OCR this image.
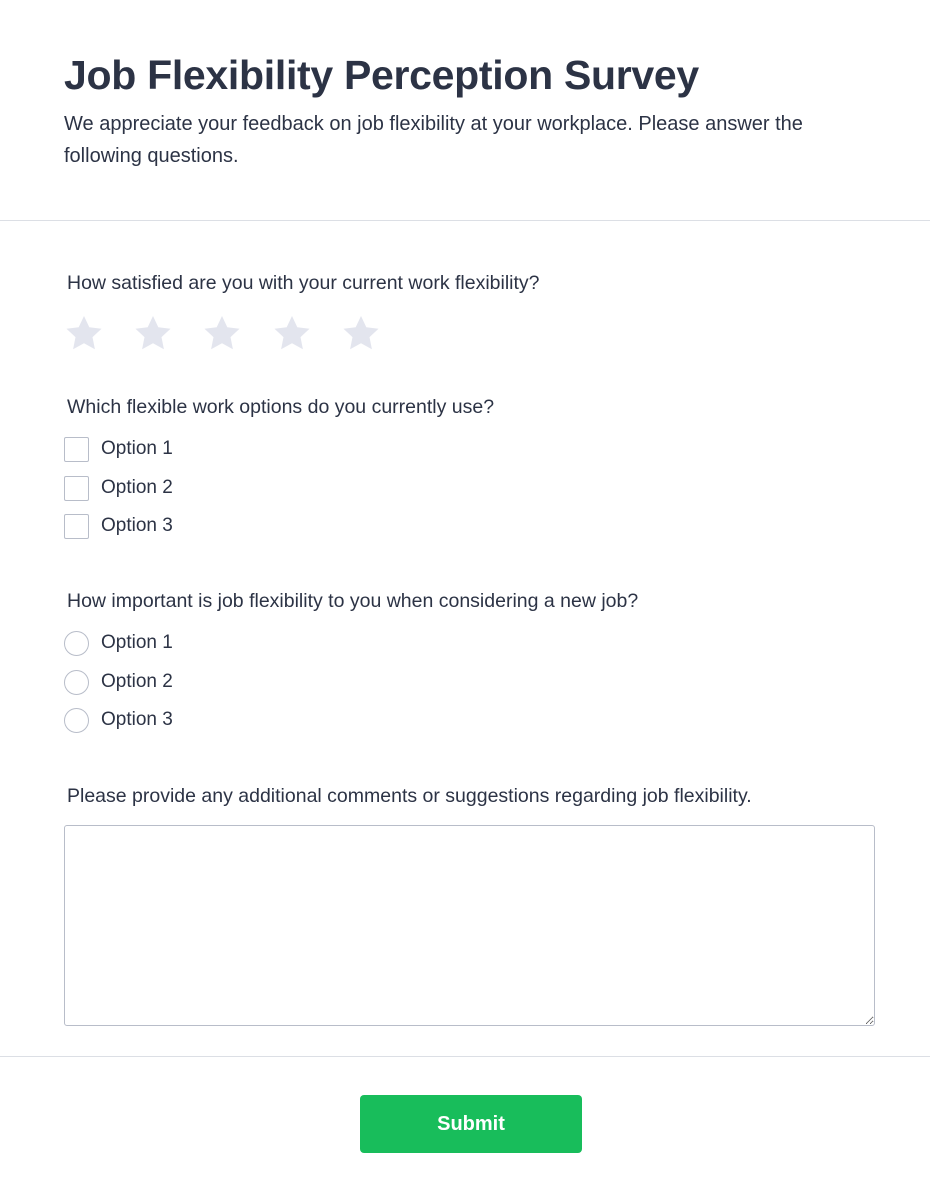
Job Flexibility Perception Survey

We appreciate your feedback on job flexibility at your workplace. Please answer the following questions.

How satisfied are you with your current work flexibility?
Which flexible work options do you currently use?
Option 1
Option 2
Option 3
How important is job flexibility to you when considering a new job?
Option 1
Option 2
Option 3
Please provide any additional comments or suggestions regarding job flexibility.
Submit
